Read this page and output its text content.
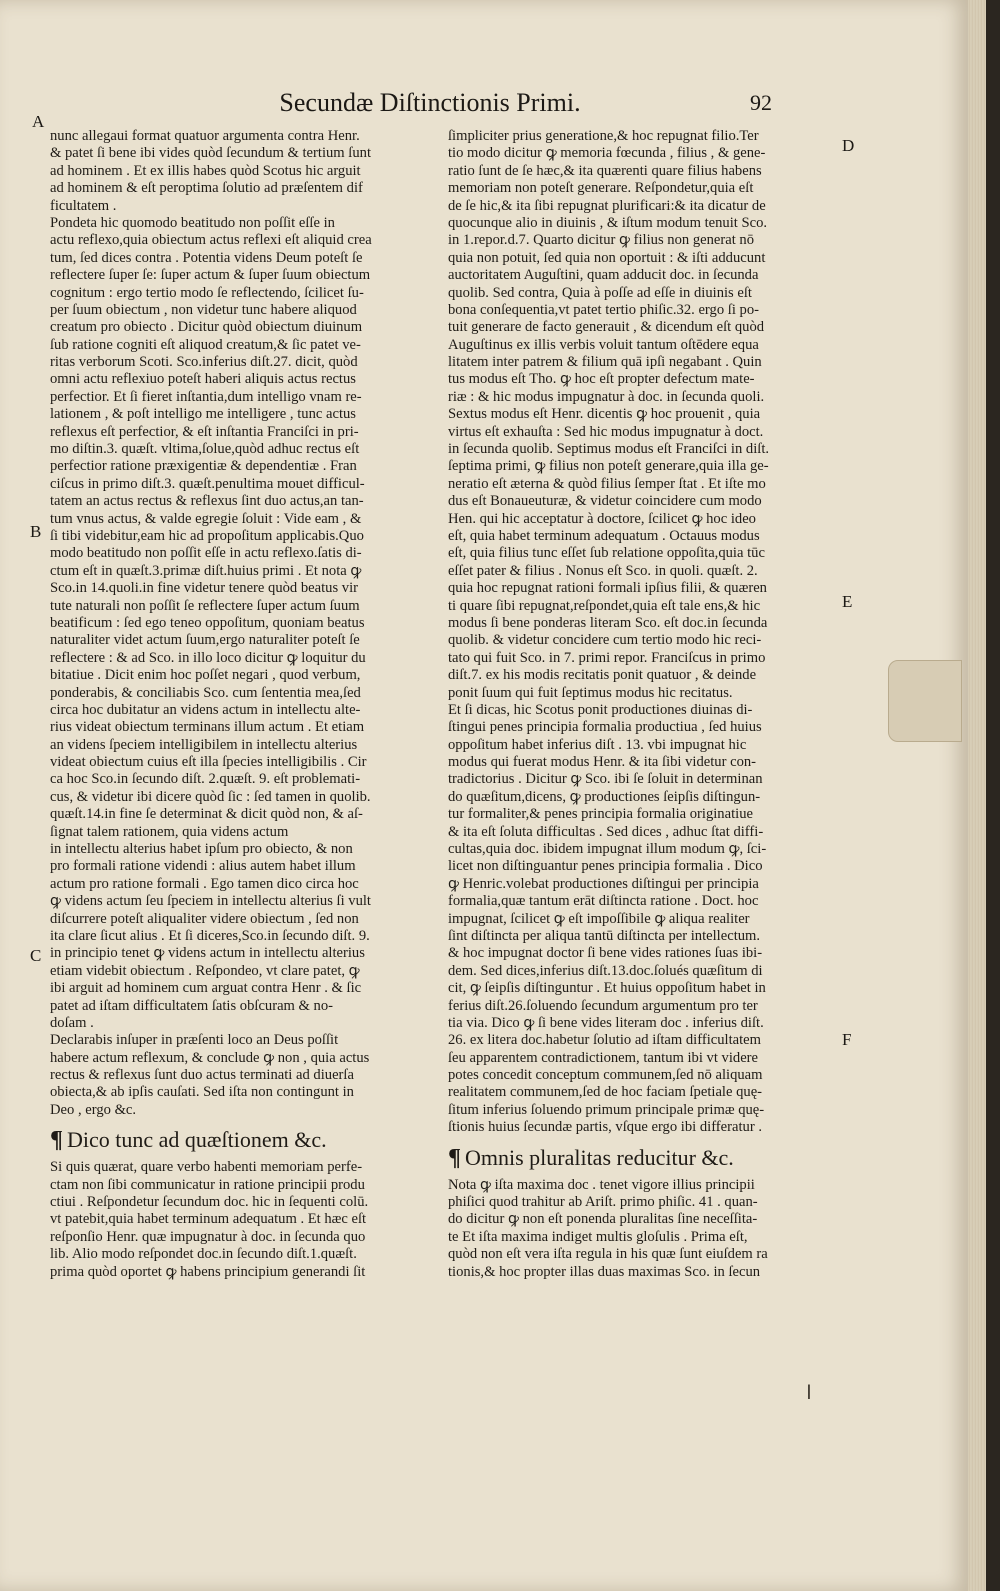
Secundæ Diſtinctionis Primi.	92
A
B
C
D
E
F
nunc allegaui format quatuor argumenta contra Henr.
& patet ſi bene ibi vides quòd ſecundum & tertium ſunt
ad hominem . Et ex illis habes quòd Scotus hic arguit
ad hominem & eſt peroptima ſolutio ad præſentem dif
ficultatem .
Pondeta hic quomodo beatitudo non poſſit eſſe in
actu reflexo,quia obiectum actus reflexi eſt aliquid crea
tum, ſed dices contra . Potentia videns Deum poteſt ſe
reflectere ſuper ſe: ſuper actum & ſuper ſuum obiectum
cognitum : ergo tertio modo ſe reflectendo, ſcilicet ſu-
per ſuum obiectum , non videtur tunc habere aliquod
creatum pro obiecto . Dicitur quòd obiectum diuinum
ſub ratione cogniti eſt aliquod creatum,& ſic patet ve-
ritas verborum Scoti. Sco.inferius diſt.27. dicit, quòd
omni actu reflexiuo poteſt haberi aliquis actus rectus
perfectior. Et ſi fieret inſtantia,dum intelligo vnam re-
lationem , & poſt intelligo me intelligere , tunc actus
reflexus eſt perfectior, & eſt inſtantia Franciſci in pri-
mo diſtin.3. quæſt. vltima,ſolue,quòd adhuc rectus eſt
perfectior ratione præxigentiæ & dependentiæ . Fran
ciſcus in primo diſt.3. quæſt.penultima mouet difficul-
tatem an actus rectus & reflexus ſint duo actus,an tan-
tum vnus actus, & valde egregie ſoluit : Vide eam , &
ſi tibi videbitur,eam hic ad propoſitum applicabis.Quo
modo beatitudo non poſſit eſſe in actu reflexo.ſatis di-
ctum eſt in quæſt.3.primæ diſt.huius primi . Et nota ꝙ
Sco.in 14.quoli.in fine videtur tenere quòd beatus vir
tute naturali non poſſit ſe reflectere ſuper actum ſuum
beatificum : ſed ego teneo oppoſitum, quoniam beatus
naturaliter videt actum ſuum,ergo naturaliter poteſt ſe
reflectere : & ad Sco. in illo loco dicitur ꝙ loquitur du
bitatiue . Dicit enim hoc poſſet negari , quod verbum,
ponderabis, & conciliabis Sco. cum ſententia mea,ſed
circa hoc dubitatur an videns actum in intellectu alte-
rius videat obiectum terminans illum actum . Et etiam
an videns ſpeciem intelligibilem in intellectu alterius
videat obiectum cuius eſt illa ſpecies intelligibilis . Cir
ca hoc Sco.in ſecundo diſt. 2.quæſt. 9. eſt problemati-
cus, & videtur ibi dicere quòd ſic : ſed tamen in quolib.
quæſt.14.in fine ſe determinat & dicit quòd non, & aſ-
ſignat talem rationem, quia videns actum
in intellectu alterius habet ipſum pro obiecto, & non
pro formali ratione videndi : alius autem habet illum
actum pro ratione formali . Ego tamen dico circa hoc
ꝙ videns actum ſeu ſpeciem in intellectu alterius ſi vult
diſcurrere poteſt aliqualiter videre obiectum , ſed non
ita clare ſicut alius . Et ſi diceres,Sco.in ſecundo diſt. 9.
in principio tenet ꝙ videns actum in intellectu alterius
etiam videbit obiectum . Reſpondeo, vt clare patet, ꝙ
ibi arguit ad hominem cum arguat contra Henr . & ſic
patet ad iſtam difficultatem ſatis obſcuram & no-
doſam .
Declarabis inſuper in præſenti loco an Deus poſſit
habere actum reflexum, & conclude ꝙ non , quia actus
rectus & reflexus ſunt duo actus terminati ad diuerſa
obiecta,& ab ipſis cauſati. Sed iſta non contingunt in
Deo , ergo &c.
¶ Dico tunc ad quæſtionem &c.
Si quis quærat, quare verbo habenti memoriam perfe-
ctam non ſibi communicatur in ratione principii produ
ctiui . Reſpondetur ſecundum doc. hic in ſequenti colū.
vt patebit,quia habet terminum adequatum . Et hæc eſt
reſponſio Henr. quæ impugnatur à doc. in ſecunda quo
lib. Alio modo reſpondet doc.in ſecundo diſt.1.quæſt.
prima quòd oportet ꝙ habens principium generandi ſit
ſimpliciter prius generatione,& hoc repugnat filio.Ter
tio modo dicitur ꝙ memoria fœcunda , filius , & gene-
ratio ſunt de ſe hæc,& ita quærenti quare filius habens
memoriam non poteſt generare. Reſpondetur,quia eſt
de ſe hic,& ita ſibi repugnat plurificari:& ita dicatur de
quocunque alio in diuinis , & iſtum modum tenuit Sco.
in 1.repor.d.7. Quarto dicitur ꝙ filius non generat nō
quia non potuit, ſed quia non oportuit : & iſti adducunt
auctoritatem Auguſtini, quam adducit doc. in ſecunda
quolib. Sed contra, Quia à poſſe ad eſſe in diuinis eſt
bona conſequentia,vt patet tertio phiſic.32. ergo ſi po-
tuit generare de facto generauit , & dicendum eſt quòd
Auguſtinus ex illis verbis voluit tantum oſtēdere equa
litatem inter patrem & filium quā ipſi negabant . Quin
tus modus eſt Tho. ꝙ hoc eſt propter defectum mate-
riæ : & hic modus impugnatur à doc. in ſecunda quoli.
Sextus modus eſt Henr. dicentis ꝙ hoc prouenit , quia
virtus eſt exhauſta : Sed hic modus impugnatur à doct.
in ſecunda quolib. Septimus modus eſt Franciſci in diſt.
ſeptima primi, ꝙ filius non poteſt generare,quia illa ge-
neratio eſt æterna & quòd filius ſemper ſtat . Et iſte mo
dus eſt Bonaueuturæ, & videtur coincidere cum modo
Hen. qui hic acceptatur à doctore, ſcilicet ꝙ hoc ideo
eſt, quia habet terminum adequatum . Octauus modus
eſt, quia filius tunc eſſet ſub relatione oppoſita,quia tūc
eſſet pater & filius . Nonus eſt Sco. in quoli. quæſt. 2.
quia hoc repugnat rationi formali ipſius filii, & quæren
ti quare ſibi repugnat,reſpondet,quia eſt tale ens,& hic
modus ſi bene ponderas literam Sco. eſt doc.in ſecunda
quolib. & videtur concidere cum tertio modo hic reci-
tato qui fuit Sco. in 7. primi repor. Franciſcus in primo
diſt.7. ex his modis recitatis ponit quatuor , & deinde
ponit ſuum qui fuit ſeptimus modus hic recitatus.
Et ſi dicas, hic Scotus ponit productiones diuinas di-
ſtingui penes principia formalia productiua , ſed huius
oppoſitum habet inferius diſt . 13. vbi impugnat hic
modus qui fuerat modus Henr. & ita ſibi videtur con-
tradictorius . Dicitur ꝙ Sco. ibi ſe ſoluit in determinan
do quæſitum,dicens, ꝙ productiones ſeipſis diſtingun-
tur formaliter,& penes principia formalia originatiue
& ita eſt ſoluta difficultas . Sed dices , adhuc ſtat diffi-
cultas,quia doc. ibidem impugnat illum modum ꝙ, ſci-
licet non diſtinguantur penes principia formalia . Dico
ꝙ Henric.volebat productiones diſtingui per principia
formalia,quæ tantum erāt diſtincta ratione . Doct. hoc
impugnat, ſcilicet ꝙ eſt impoſſibile ꝙ aliqua realiter
ſint diſtincta per aliqua tantū diſtincta per intellectum.
& hoc impugnat doctor ſi bene vides rationes ſuas ibi-
dem. Sed dices,inferius diſt.13.doc.ſolués quæſitum di
cit, ꝙ ſeipſis diſtinguntur . Et huius oppoſitum habet in
ferius diſt.26.ſoluendo ſecundum argumentum pro ter
tia via. Dico ꝙ ſi bene vides literam doc . inferius diſt.
26. ex litera doc.habetur ſolutio ad iſtam difficultatem
ſeu apparentem contradictionem, tantum ibi vt videre
potes concedit conceptum communem,ſed nō aliquam
realitatem communem,ſed de hoc faciam ſpetiale quę-
ſitum inferius ſoluendo primum principale primæ quę-
ſtionis huius ſecundæ partis, vſque ergo ibi differatur .
¶ Omnis pluralitas reducitur &c.
Nota ꝙ iſta maxima doc . tenet vigore illius principii
phiſici quod trahitur ab Ariſt. primo phiſic. 41 . quan-
do dicitur ꝙ non eſt ponenda pluralitas ſine neceſſita-
te Et iſta maxima indiget multis gloſulis . Prima eſt,
quòd non eſt vera iſta regula in his quæ ſunt eiuſdem ra
tionis,& hoc propter illas duas maximas Sco. in ſecun
ǀ
